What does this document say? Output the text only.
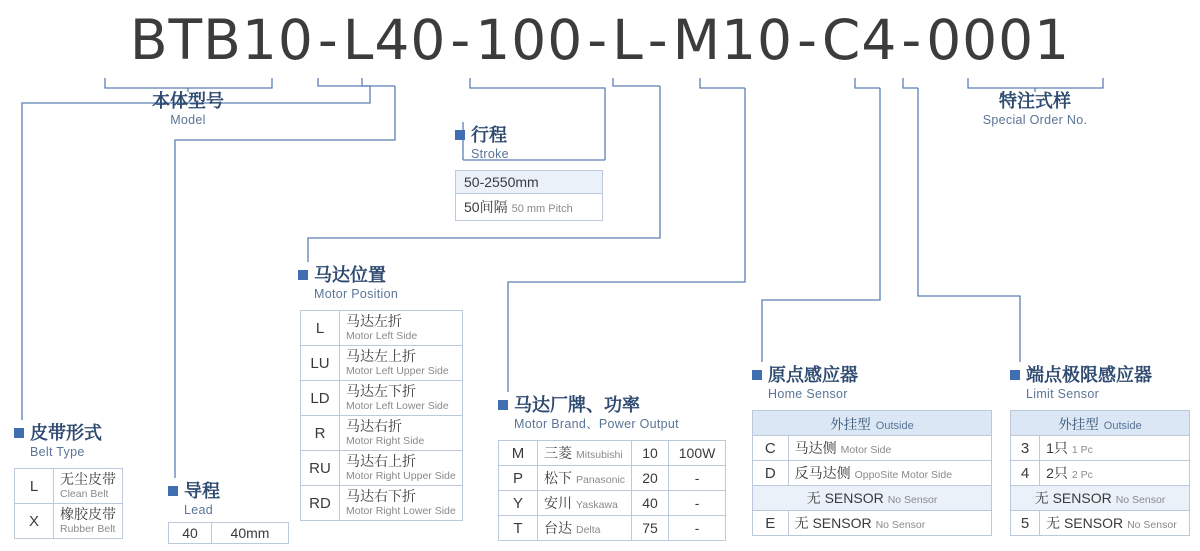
BTB10-L40-100-L-M10-C4-0001
本体型号
Model
特注式样
Special Order No.
行程
Stroke
50-2550mm
50间隔 50 mm Pitch
皮带形式
Belt Type
L	无尘皮带
Clean Belt

X	橡胶皮带
Rubber Belt
导程
Lead
40	40mm
马达位置
Motor Position
L	马达左折
Motor Left Side

LU	马达左上折
Motor Left Upper Side

LD	马达左下折
Motor Left Lower Side

R	马达右折
Motor Right Side

RU	马达右上折
Motor Right Upper Side

RD	马达右下折
Motor Right Lower Side
马达厂牌、功率
Motor Brand、Power Output
M	三菱 Mitsubishi	10	100W
P	松下 Panasonic	20	-
Y	安川 Yaskawa	40	-
T	台达 Delta	75	-
原点感应器
Home Sensor
外挂型 Outside	
C	马达侧 Motor Side
D	反马达侧 OppoSite Motor Side
无 SENSOR No Sensor	
E	无 SENSOR No Sensor
端点极限感应器
Limit Sensor
外挂型 Outside	
3	1只 1 Pc
4	2只 2 Pc
无 SENSOR No Sensor	
5	无 SENSOR No Sensor
